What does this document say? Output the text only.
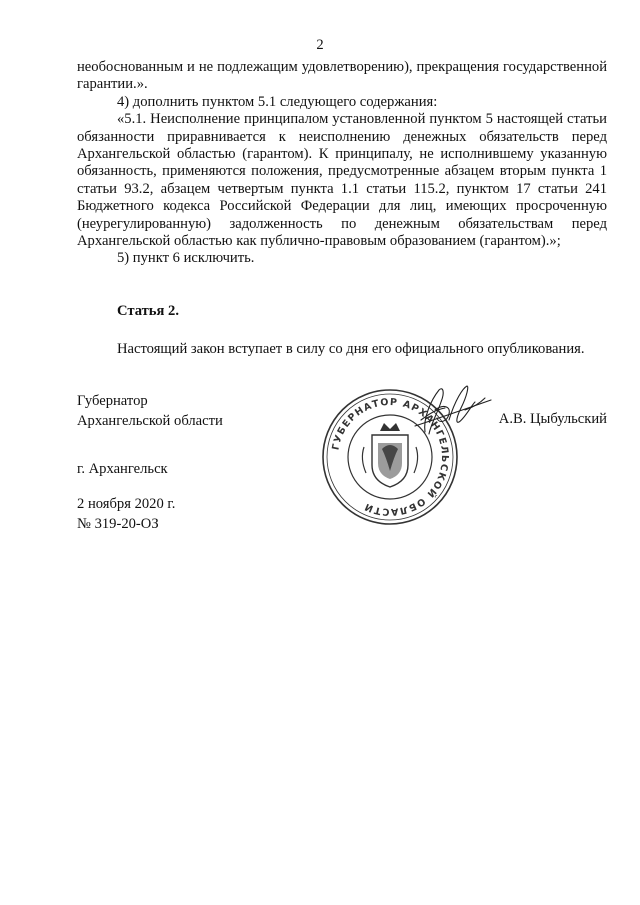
2

необоснованным и не подлежащим удовлетворению), прекращения государственной гарантии.».

4) дополнить пунктом 5.1 следующего содержания:

«5.1. Неисполнение принципалом установленной пунктом 5 настоящей статьи обязанности приравнивается к неисполнению денежных обязательств перед Архангельской областью (гарантом). К принципалу, не исполнившему указанную обязанность, применяются положения, предусмотренные абзацем вторым пункта 1 статьи 93.2, абзацем четвертым пункта 1.1 статьи 115.2, пунктом 17 статьи 241 Бюджетного кодекса Российской Федерации для лиц, имеющих просроченную (неурегулированную) задолженность по денежным обязательствам перед Архангельской областью как публично-правовым образованием (гарантом).»;

5) пункт 6 исключить.

Статья 2.
Настоящий закон вступает в силу со дня его официального опубликования.
Губернатор
Архангельской области	А.В. Цыбульский
ГУБЕРНАТОР АРХАНГЕЛЬСКОЙ ОБЛАСТИ
г. Архангельск
2 ноября 2020 г.
№ 319-20-ОЗ
